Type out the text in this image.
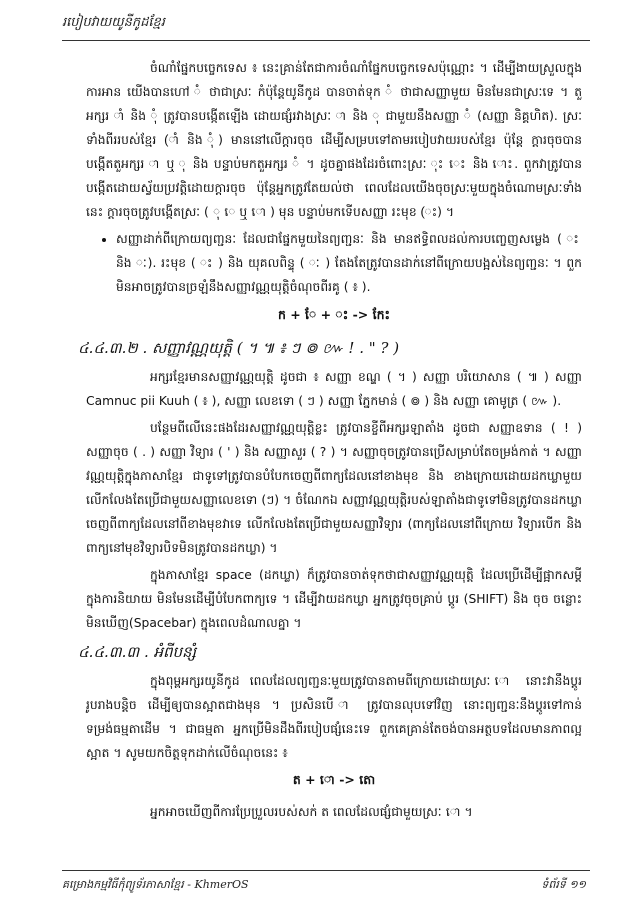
របៀបវាយយូនីកូដខ្មែរ

ចំណាំផ្នែកបច្ចេកទេស ៖ នេះគ្រាន់តែជាការចំណាំផ្នែកបច្ចេកទេសប៉ុណ្ណោះ ។ ដើម្បីងាយស្រួលក្នុងការអាន យើងបានហៅ ំ ថាជាស្រៈ កំប៉ុន្តែយូនីកូដ បានចាត់ទុក ំ ថាជាសញ្ញាមួយ មិនមែនជាស្រៈទេ ។ តួអក្សរ ាំ និង ុំ ត្រូវបានបង្កើតឡើង ដោយផ្សំរវាងស្រៈ ា និង ុ ជាមួយនឹងសញ្ញា ំ (សញ្ញា និគ្គហិត). ស្រៈទាំងពីររបស់ខ្មែរ (ាំ និង ុំ) មាននៅលើក្តារចុច ដើម្បីសម្របទៅតាមរបៀបវាយរបស់ខ្មែរ ប៉ុន្តែ ក្តារចុចបានបង្កើតតួអក្សរ ា ឬ ុ និង បន្ទាប់មកតួអក្សរ ំ ។ ដូចគ្នាផងដែរចំពោះស្រៈ ុះ េះ និង ោះ. ពួកវាត្រូវបានបង្កើតដោយស្វ័យប្រវត្តិដោយក្តារចុច ប៉ុន្តែអ្នកត្រូវតែយល់ថា ពេលដែលយើងចុចស្រៈមួយក្នុងចំណោមស្រៈទាំងនេះ ក្តារចុចត្រូវបង្កើតស្រៈ ( ុ េ ឬ ោ ) មុន បន្ទាប់មកទើបសញ្ញា រះមុខ (ះ) ។

• សញ្ញាដាក់ពីក្រោយព្យញ្ជនៈ ដែលជាផ្នែកមួយនៃព្យញ្ជនៈ និង មានឥទ្ធិពលដល់ការបញ្ចេញសម្លេង ( ះ និង ៈ). រះមុខ ( ះ ) និង យុគលពិន្ទុ ( ៈ ) តែងតែត្រូវបានដាក់នៅពីក្រោយបង្អស់នៃព្យញ្ជនៈ ។ ពួកមិនអាចត្រូវបានច្រឡំនឹងសញ្ញាវណ្ណយុត្តិចំណុចពីរគូ ( ៖ ).
ក + ែ + ះ -> កែះ
៤.៤.៣.២ . សញ្ញាវណ្ណយុត្តិ ( ។ ៕ ៖ ៗ ៙ ៚ ! . " ? )

អក្សរខ្មែរមានសញ្ញាវណ្ណយុត្តិ ដូចជា ៖ សញ្ញា ខណ្ឌ ( ។ ) សញ្ញា បរិយោសាន ( ៕ ) សញ្ញា Camnuc pii Kuuh ( ៖ ), សញ្ញា លេខទោ ( ៗ ) សញ្ញា ភ្នែកមាន់ ( ៙ ) និង សញ្ញា គោមូត្រ ( ៚ ).

បន្ថែមពីលើនេះផងដែរសញ្ញាវណ្ណយុត្តិខ្លះ ត្រូវបានខ្ចីពីអក្សរឡាតាំង ដូចជា សញ្ញាឧទាន ( ! ) សញ្ញាចុច ( . ) សញ្ញា វិទ្យារ ( ' ) និង សញ្ញាសួរ ( ? ) ។ សញ្ញាចុចត្រូវបានប្រើសម្រាប់តែចម្រង់កាត់ ។ សញ្ញាវណ្ណយុត្តិក្នុងភាសាខ្មែរ ជាទូទៅត្រូវបានបំបែកចេញពីពាក្យដែលនៅខាងមុខ និង ខាងក្រោយដោយដកឃ្លាមួយ លើកលែងតែប្រើជាមួយសញ្ញាលេខទោ (ៗ) ។ ចំណែកឯ សញ្ញាវណ្ណយុត្តិរបស់ឡាតាំងជាទូទៅមិនត្រូវបានដកឃ្លាចេញពីពាក្យដែលនៅពីខាងមុខវាទេ លើកលែងតែប្រើជាមួយសញ្ញាវិទ្យារ (ពាក្យដែលនៅពីក្រោយ វិទ្យារបើក និង ពាក្យនៅមុខវិទ្យារបិទមិនត្រូវបានដកឃ្លា) ។

ក្នុងភាសាខ្មែរ space (ដកឃ្លា) ក៏ត្រូវបានចាត់ទុកថាជាសញ្ញាវណ្ណយុត្តិ ដែលប្រើដើម្បីផ្អាកសម្តីក្នុងការនិយាយ មិនមែនដើម្បីបំបែកពាក្យទេ ។ ដើម្បីវាយដកឃ្លា អ្នកត្រូវចុចគ្រាប់ ប្តូរ (SHIFT) និង ចុច ចន្លោះមិនឃើញ(Spacebar) ក្នុងពេលដំណាលគ្នា ។

៤.៤.៣.៣ . អំពីបន្សំ

ក្នុងពុម្ពអក្សរយូនីកូដ ពេលដែលព្យញ្ជនៈមួយត្រូវបានតាមពីក្រោយដោយស្រៈ ោ នោះវានឹងប្តូររូបរាងបន្តិច ដើម្បីឲ្យបានស្អាតជាងមុន ។ ប្រសិនបើ ា ត្រូវបានលុបទៅវិញ នោះព្យញ្ជនៈនឹងប្តូរទៅកាន់ទម្រង់ធម្មតាដើម ។ ជាធម្មតា អ្នកប្រើមិនដឹងពីរបៀបផ្សំនេះទេ ពួកគេគ្រាន់តែចង់បានអត្ថបទដែលមានភាពល្អស្អាត ។ សូមយកចិត្តទុកដាក់លើចំណុចនេះ ៖

ត + ោ -> តោ

អ្នកអាចឃើញពីការប្រែប្រួលរបស់សក់ ត ពេលដែលផ្សំជាមួយស្រៈ ោ ។

គម្រោងកម្មវិធីកុំព្យូទ័រភាសាខ្មែរ - KhmerOS	ទំព័រទី ១១
